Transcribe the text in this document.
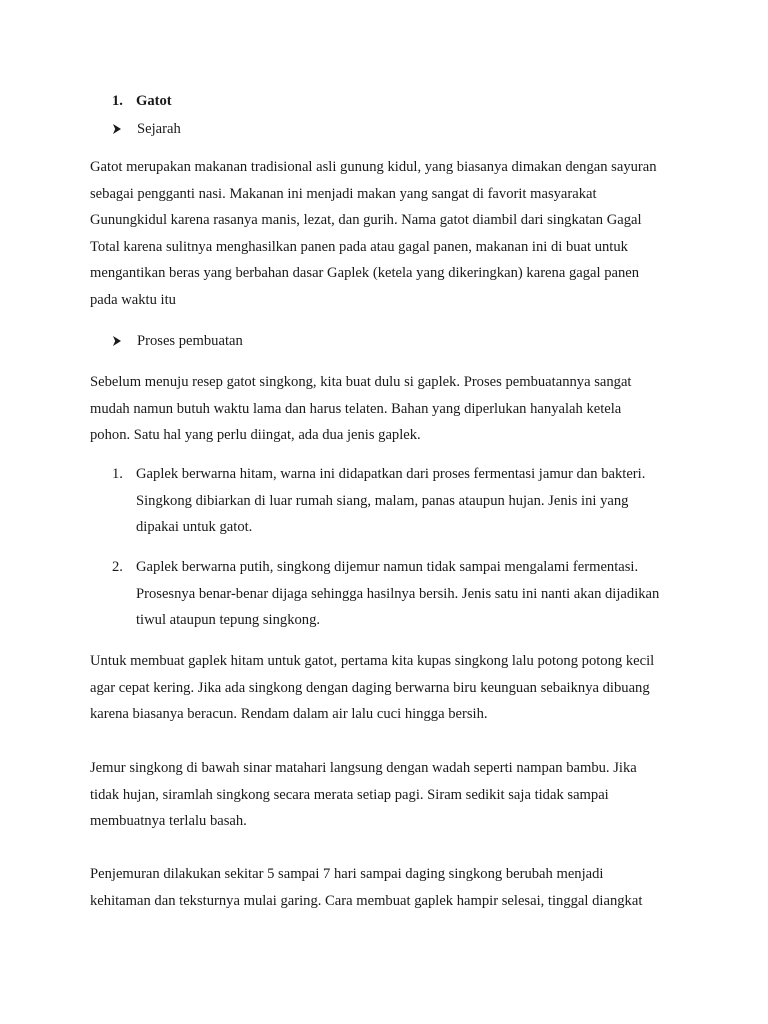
1. Gatot
Sejarah
Gatot merupakan makanan tradisional asli gunung kidul, yang biasanya dimakan dengan sayuran
sebagai pengganti nasi. Makanan ini menjadi makan yang sangat di favorit masyarakat
Gunungkidul karena rasanya manis, lezat, dan gurih. Nama gatot diambil dari singkatan Gagal
Total karena sulitnya menghasilkan panen pada atau gagal panen, makanan ini di buat untuk
mengantikan beras yang berbahan dasar Gaplek (ketela yang dikeringkan) karena gagal panen
pada waktu itu
Proses pembuatan
Sebelum menuju resep gatot singkong, kita buat dulu si gaplek. Proses pembuatannya sangat
mudah namun butuh waktu lama dan harus telaten. Bahan yang diperlukan hanyalah ketela
pohon. Satu hal yang perlu diingat, ada dua jenis gaplek.
1. Gaplek berwarna hitam, warna ini didapatkan dari proses fermentasi jamur dan bakteri.
Singkong dibiarkan di luar rumah siang, malam, panas ataupun hujan. Jenis ini yang
dipakai untuk gatot.
2. Gaplek berwarna putih, singkong dijemur namun tidak sampai mengalami fermentasi.
Prosesnya benar-benar dijaga sehingga hasilnya bersih. Jenis satu ini nanti akan dijadikan
tiwul ataupun tepung singkong.
Untuk membuat gaplek hitam untuk gatot, pertama kita kupas singkong lalu potong potong kecil
agar cepat kering. Jika ada singkong dengan daging berwarna biru keunguan sebaiknya dibuang
karena biasanya beracun. Rendam dalam air lalu cuci hingga bersih.
Jemur singkong di bawah sinar matahari langsung dengan wadah seperti nampan bambu. Jika
tidak hujan, siramlah singkong secara merata setiap pagi. Siram sedikit saja tidak sampai
membuatnya terlalu basah.
Penjemuran dilakukan sekitar 5 sampai 7 hari sampai daging singkong berubah menjadi
kehitaman dan teksturnya mulai garing. Cara membuat gaplek hampir selesai, tinggal diangkat
